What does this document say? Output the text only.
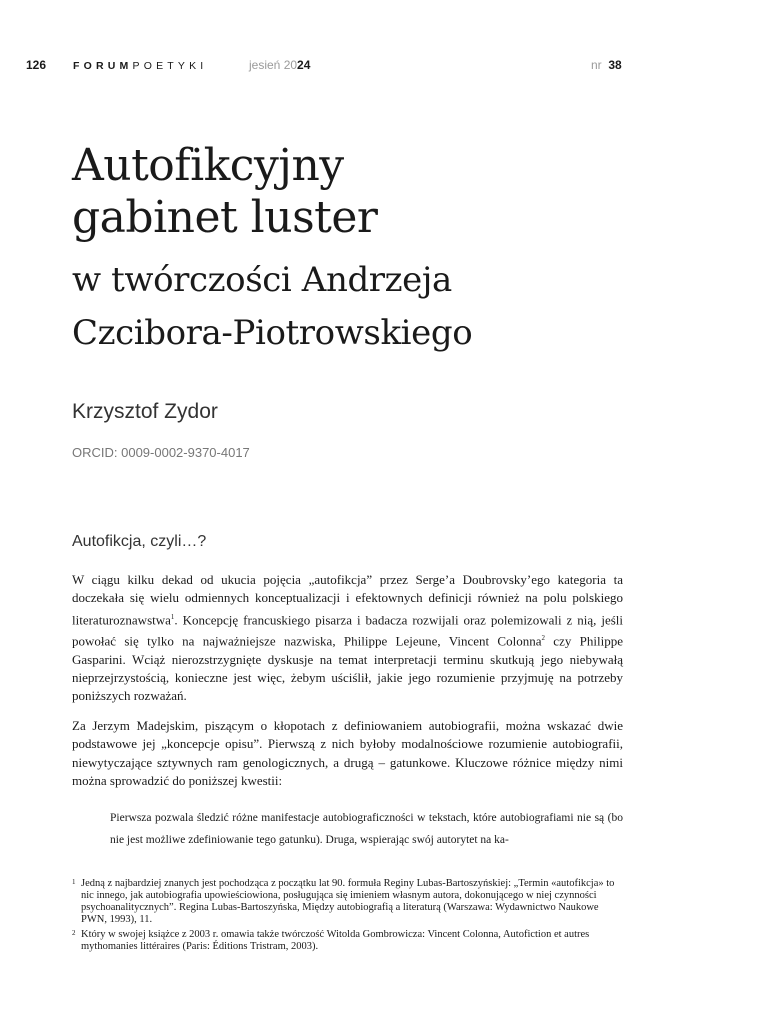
126	FORUMPOETYKI	jesień 2024	nr 38
Autofikcyjny
gabinet luster
w twórczości Andrzeja
Czcibora-Piotrowskiego
Krzysztof Zydor
ORCID: 0009-0002-9370-4017
Autofikcja, czyli…?

W ciągu kilku dekad od ukucia pojęcia „autofikcja” przez Serge’a Doubrovsky’ego kategoria ta doczekała się wielu odmiennych konceptualizacji i efektownych definicji również na polu polskiego literaturoznawstwa$^1$. Koncepcję francuskiego pisarza i badacza rozwijali oraz polemizowali z nią, jeśli powołać się tylko na najważniejsze nazwiska, Philippe Lejeune, Vincent Colonna$^2$ czy Philippe Gasparini. Wciąż nierozstrzygnięte dyskusje na temat interpretacji terminu skutkują jego niebywałą nieprzejrzystością, konieczne jest więc, żebym uściślił, jakie jego rozumienie przyjmuję na potrzeby poniższych rozważań.

Za Jerzym Madejskim, piszącym o kłopotach z definiowaniem autobiografii, można wskazać dwie podstawowe jej „koncepcje opisu”. Pierwszą z nich byłoby modalnościowe rozumienie autobiografii, niewytyczające sztywnych ram genologicznych, a drugą – gatunkowe. Kluczowe różnice między nimi można sprowadzić do poniższej kwestii:

Pierwsza pozwala śledzić różne manifestacje autobiograficzności w tekstach, które autobiografiami nie są (bo nie jest możliwe zdefiniowanie tego gatunku). Druga, wspierając swój autorytet na ka-

1 Jedną z najbardziej znanych jest pochodząca z początku lat 90. formuła Reginy Lubas-Bartoszyńskiej: „Termin «autofikcja» to nic innego, jak autobiografia upowieściowiona, posługująca się imieniem własnym autora, dokonującego w niej czynności psychoanalitycznych”. Regina Lubas-Bartoszyńska, Między autobiografią a literaturą (Warszawa: Wydawnictwo Naukowe PWN, 1993), 11.

2 Który w swojej książce z 2003 r. omawia także twórczość Witolda Gombrowicza: Vincent Colonna, Autofiction et autres mythomanies littéraires (Paris: Éditions Tristram, 2003).
